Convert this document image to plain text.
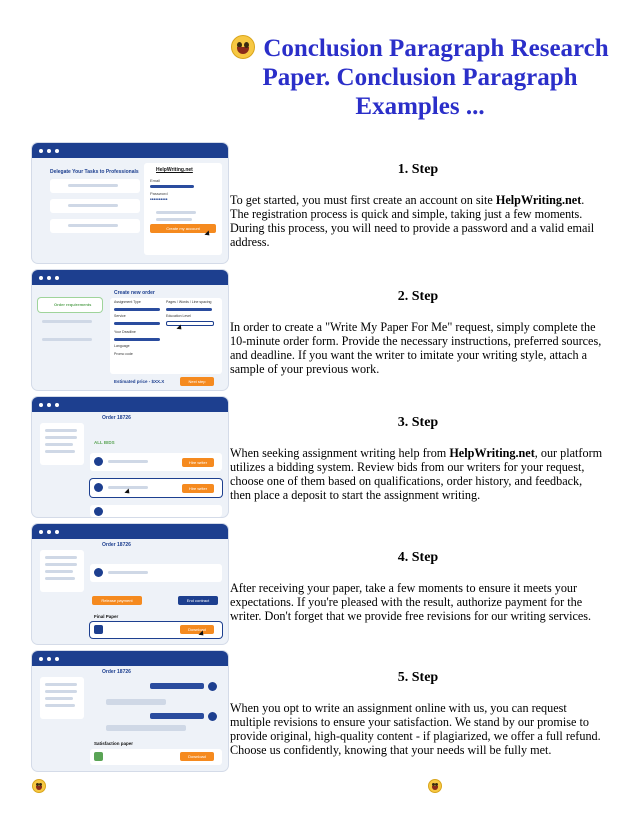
Conclusion Paragraph Research Paper. Conclusion Paragraph Examples ...
Delegate Your Tasks to Professionals	HelpWriting.net
Email
Password
••••••••••
Create my account
Create new order
Order requirements	Assignment Type	Pages / Words / Line spacing
Service	Education Level
Your Deadline
Language
Promo code
Estimated price - $XX.X	Next step
Order 18726
ALL BIDS
Hire writer
Hire writer
Order 18726
Release payment	End contract
Final Paper
Download
Order 18726
Satisfaction paper
Download
1. Step

To get started, you must first create an account on site HelpWriting.net. The registration process is quick and simple, taking just a few moments. During this process, you will need to provide a password and a valid email address.

2. Step

In order to create a "Write My Paper For Me" request, simply complete the 10-minute order form. Provide the necessary instructions, preferred sources, and deadline. If you want the writer to imitate your writing style, attach a sample of your previous work.

3. Step

When seeking assignment writing help from HelpWriting.net, our platform utilizes a bidding system. Review bids from our writers for your request, choose one of them based on qualifications, order history, and feedback, then place a deposit to start the assignment writing.

4. Step

After receiving your paper, take a few moments to ensure it meets your expectations. If you're pleased with the result, authorize payment for the writer. Don't forget that we provide free revisions for our writing services.

5. Step

When you opt to write an assignment online with us, you can request multiple revisions to ensure your satisfaction. We stand by our promise to provide original, high-quality content - if plagiarized, we offer a full refund. Choose us confidently, knowing that your needs will be fully met.
